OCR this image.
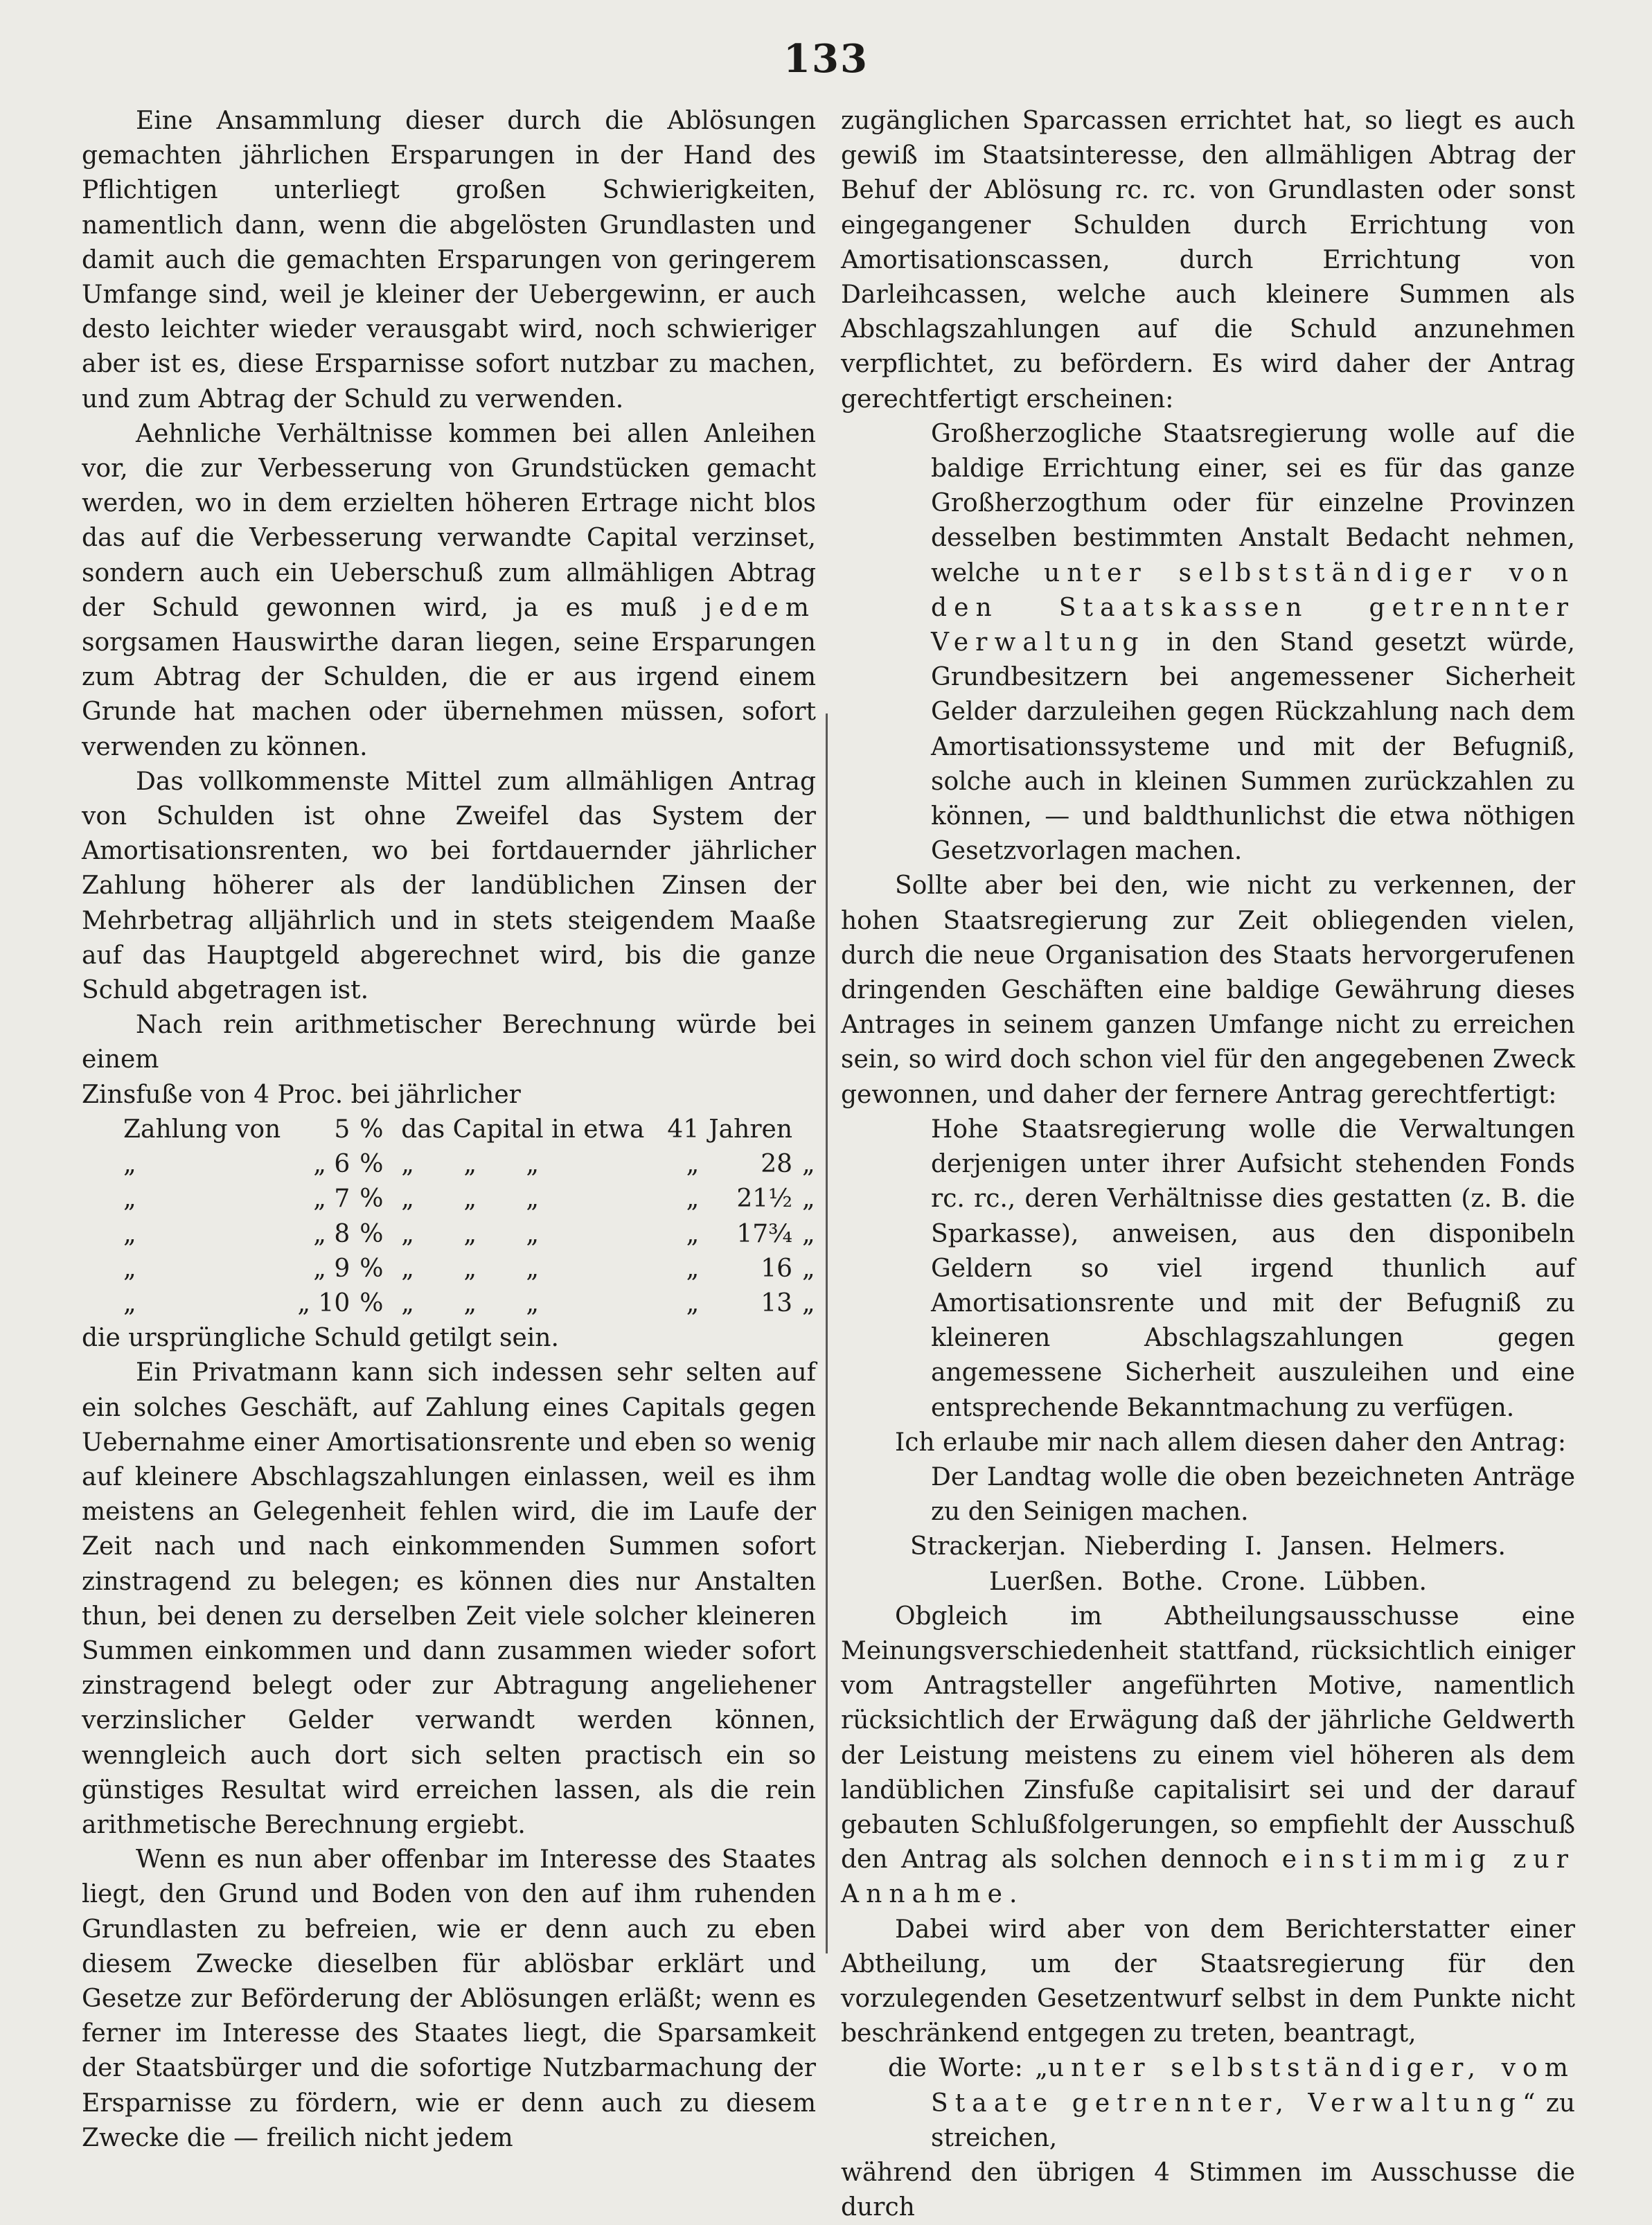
133

Eine Ansammlung dieser durch die Ablösungen gemachten jährlichen Ersparungen in der Hand des Pflichtigen unterliegt großen Schwierigkeiten, namentlich dann, wenn die abgelösten Grundlasten und damit auch die gemachten Ersparungen von geringerem Umfange sind, weil je kleiner der Uebergewinn, er auch desto leichter wieder verausgabt wird, noch schwieriger aber ist es, diese Ersparnisse sofort nutzbar zu machen, und zum Abtrag der Schuld zu verwenden.

Aehnliche Verhältnisse kommen bei allen Anleihen vor, die zur Verbesserung von Grundstücken gemacht werden, wo in dem erzielten höheren Ertrage nicht blos das auf die Verbesserung verwandte Capital verzinset, sondern auch ein Ueberschuß zum allmähligen Abtrag der Schuld gewonnen wird, ja es muß jedem sorgsamen Hauswirthe daran liegen, seine Ersparungen zum Abtrag der Schulden, die er aus irgend einem Grunde hat machen oder übernehmen müssen, sofort verwenden zu können.

Das vollkommenste Mittel zum allmähligen Antrag von Schulden ist ohne Zweifel das System der Amortisationsrenten, wo bei fortdauernder jährlicher Zahlung höherer als der landüblichen Zinsen der Mehrbetrag alljährlich und in stets steigendem Maaße auf das Hauptgeld abgerechnet wird, bis die ganze Schuld abgetragen ist.

Nach rein arithmetischer Berechnung würde bei einem

Zinsfuße von 4 Proc. bei jährlicher

Zahlung von	5	%	das Capital in etwa	41	Jahren	
„	„ 6	%	„ „ „	„	28	„
„	„ 7	%	„ „ „	„	21½	„
„	„ 8	%	„ „ „	„	17¾	„
„	„ 9	%	„ „ „	„	16	„
„	„ 10	%	„ „ „	„	13	„

die ursprüngliche Schuld getilgt sein.

Ein Privatmann kann sich indessen sehr selten auf ein solches Geschäft, auf Zahlung eines Capitals gegen Uebernahme einer Amortisationsrente und eben so wenig auf kleinere Abschlagszahlungen einlassen, weil es ihm meistens an Gelegenheit fehlen wird, die im Laufe der Zeit nach und nach einkommenden Summen sofort zinstragend zu belegen; es können dies nur Anstalten thun, bei denen zu derselben Zeit viele solcher kleineren Summen einkommen und dann zusammen wieder sofort zinstragend belegt oder zur Abtragung angeliehener verzinslicher Gelder verwandt werden können, wenngleich auch dort sich selten practisch ein so günstiges Resultat wird erreichen lassen, als die rein arithmetische Berechnung ergiebt.

Wenn es nun aber offenbar im Interesse des Staates liegt, den Grund und Boden von den auf ihm ruhenden Grundlasten zu befreien, wie er denn auch zu eben diesem Zwecke dieselben für ablösbar erklärt und Gesetze zur Beförderung der Ablösungen erläßt; wenn es ferner im Interesse des Staates liegt, die Sparsamkeit der Staatsbürger und die sofortige Nutzbarmachung der Ersparnisse zu fördern, wie er denn auch zu diesem Zwecke die — freilich nicht jedem

zugänglichen Sparcassen errichtet hat, so liegt es auch gewiß im Staatsinteresse, den allmähligen Abtrag der Behuf der Ablösung rc. rc. von Grundlasten oder sonst eingegangener Schulden durch Errichtung von Amortisationscassen, durch Errichtung von Darleihcassen, welche auch kleinere Summen als Abschlagszahlungen auf die Schuld anzunehmen verpflichtet, zu befördern. Es wird daher der Antrag gerechtfertigt erscheinen:

Großherzogliche Staatsregierung wolle auf die baldige Errichtung einer, sei es für das ganze Großherzogthum oder für einzelne Provinzen desselben bestimmten Anstalt Bedacht nehmen, welche unter selbstständiger von den Staatskassen getrennter Verwaltung in den Stand gesetzt würde, Grundbesitzern bei angemessener Sicherheit Gelder darzuleihen gegen Rückzahlung nach dem Amortisationssysteme und mit der Befugniß, solche auch in kleinen Summen zurückzahlen zu können, — und baldthunlichst die etwa nöthigen Gesetzvorlagen machen.

Sollte aber bei den, wie nicht zu verkennen, der hohen Staatsregierung zur Zeit obliegenden vielen, durch die neue Organisation des Staats hervorgerufenen dringenden Geschäften eine baldige Gewährung dieses Antrages in seinem ganzen Umfange nicht zu erreichen sein, so wird doch schon viel für den angegebenen Zweck gewonnen, und daher der fernere Antrag gerechtfertigt:

Hohe Staatsregierung wolle die Verwaltungen derjenigen unter ihrer Aufsicht stehenden Fonds rc. rc., deren Verhältnisse dies gestatten (z. B. die Sparkasse), anweisen, aus den disponibeln Geldern so viel irgend thunlich auf Amortisationsrente und mit der Befugniß zu kleineren Abschlagszahlungen gegen angemessene Sicherheit auszuleihen und eine entsprechende Bekanntmachung zu verfügen.

Ich erlaube mir nach allem diesen daher den Antrag:

Der Landtag wolle die oben bezeichneten Anträge zu den Seinigen machen.

Strackerjan. Nieberding I. Jansen. Helmers.

Luerßen. Bothe. Crone. Lübben.

Obgleich im Abtheilungsausschusse eine Meinungsverschiedenheit stattfand, rücksichtlich einiger vom Antragsteller angeführten Motive, namentlich rücksichtlich der Erwägung daß der jährliche Geldwerth der Leistung meistens zu einem viel höheren als dem landüblichen Zinsfuße capitalisirt sei und der darauf gebauten Schlußfolgerungen, so empfiehlt der Ausschuß den Antrag als solchen dennoch einstimmig zur Annahme.

Dabei wird aber von dem Berichterstatter einer Abtheilung, um der Staatsregierung für den vorzulegenden Gesetzentwurf selbst in dem Punkte nicht beschränkend entgegen zu treten, beantragt,

die Worte: „unter selbstständiger, vom Staate getrennter, Verwaltung“ zu streichen,

während den übrigen 4 Stimmen im Ausschusse die durch
